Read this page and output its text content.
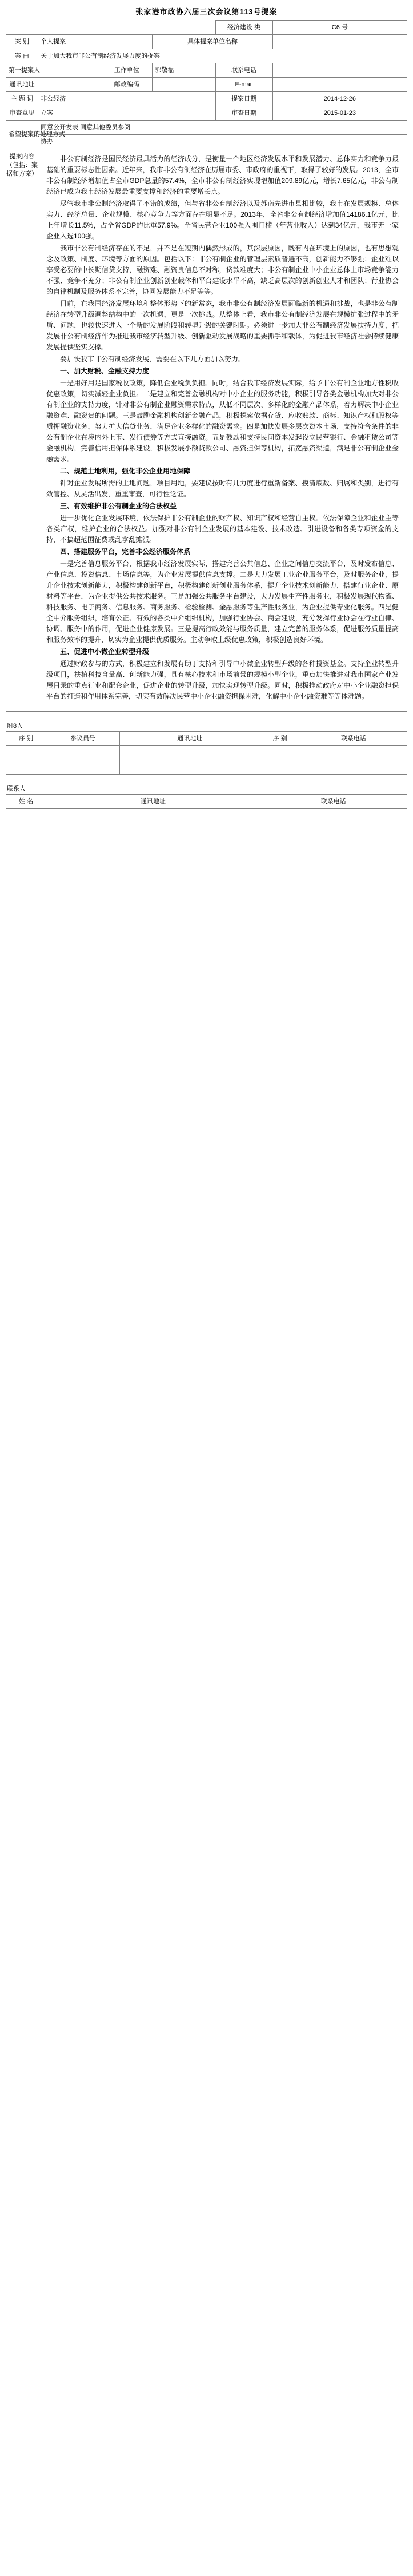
张家港市政协六届三次会议第113号提案
				经济建设 类	C6 号
案 别	个人提案		具体提案单位名称		
案 由	关于加大我市非公有制经济发展力度的提案				
第一提案人		工作单位	郭敬福	联系电话	
通讯地址		邮政编码		E-mail	
主 题 词	非公经济			提案日期	2014-12-26
审查意见	立案			审查日期	2015-01-23
希望提案的处理方式	同意公开发表 同意其他委员参阅				
	协办				

提案内容（包括：案据和方案）

非公有制经济是国民经济最具活力的经济成分，是衡量一个地区经济发展水平和发展潜力、总体实力和竞争力最基础的重要标志性因素。近年来，我市非公有制经济在历届市委、市政府的重视下，取得了较好的发展。2013，全市非公有制经济增加值占全市GDP总量的57.4%，全市非公有制经济实现增加值209.89亿元，增长7.65亿元，非公有制经济已成为我市经济发展最重要支撑和经济的重要增长点。

尽管我市非公制经济取得了不错的成绩，但与省非公有制经济以及苏南先进市县相比较，我市在发展规模、总体实力、经济总量、企业规模、核心竞争力等方面存在明显不足。2013年，全省非公有制经济增加值14186.1亿元，比上年增长11.5%，占全省GDP的比重57.9%。全省民营企业100强入围门槛（年营业收入）达到34亿元，我市无一家企业入选100强。

我市非公有制经济存在的不足，并不是在短期内偶然形成的，其深层原因，既有内在环境上的原因，也有思想观念及政策、制度、环境等方面的原因。包括以下：非公有制企业的管理层素质普遍不高，创新能力不够强；企业难以享受必要的中长期信贷支持，融资难、融资贵信息不对称，贷款难度大；非公有制企业中小企业总体上市场竞争能力不强、竞争不充分；非公有制企业创新创业载体和平台建设水平不高，缺乏高层次的创新创业人才和团队；行业协会的自律机制及服务体系不完善，协同发展能力不足等等。

目前，在我国经济发展环境和整体形势下的新常态，我市非公有制经济发展面临新的机遇和挑战，也是非公有制经济在转型升级调整结构中的一次机遇，更是一次挑战。从整体上看，我市非公有制经济发展在规模扩张过程中的矛盾、问题，也较快速进入一个新的发展阶段和转型升级的关键时期。必须进一步加大非公有制经济发展扶持力度，把发展非公有制经济作为推进我市经济转型升级、创新驱动发展战略的重要抓手和载体，为促进我市经济社会持续健康发展提供坚实支撑。

要加快我市非公有制经济发展，需要在以下几方面加以努力。

一、加大财税、金融支持力度

一是用好用足国家税收政策，降低企业税负负担。同时，结合我市经济发展实际，给予非公有制企业地方性税收优惠政策，切实减轻企业负担。二是建立和完善金融机构对中小企业的服务功能，积极引导各类金融机构加大对非公有制企业的支持力度，针对非公有制企业融资需求特点，从低不同层次、多样化的金融产品体系，着力解决中小企业融资难、融资贵的问题。三是鼓励金融机构创新金融产品，积极探索依据存货、应收账款、商标、知识产权和股权等质押融资业务，努力扩大信贷业务，满足企业多样化的融资需求。四是加快发展多层次资本市场，支持符合条件的非公有制企业在境内外上市、发行债券等方式直接融资。五是鼓励和支持民间资本发起设立民营银行、金融租赁公司等金融机构，完善信用担保体系建设，积极发展小额贷款公司、融资担保等机构，拓宽融资渠道，满足非公有制企业金融需求。

二、规范土地利用，强化非公企业用地保障

针对企业发展所需的土地问题，项目用地，要建议按时有几力度进行重新备案、摸清底数、归属和类别，进行有效管控、从灵活出发，重重审查，可行性论证。

三、有效维护非公有制企业的合法权益

进一步优化企业发展环境，依法保护非公有制企业的财产权、知识产权和经营自主权。依法保障企业和企业主等各类产权，维护企业的合法权益。加强对非公有制企业发展的基本建设、技术改造、引进设备和各类专项资金的支持，不搞超范围征费或乱拿乱摊派。

四、搭建服务平台，完善非公经济服务体系

一是完善信息服务平台，根据我市经济发展实际，搭建完善公共信息、企业之间信息交流平台，及时发布信息、产业信息、投资信息、市场信息等，为企业发展提供信息支撑。二是大力发展工业企业服务平台，及时服务企业，提升企业技术创新能力，积极构建创新平台，积极构建创新创业服务体系，提升企业技术创新能力，搭建行业企业、原材料等平台，为企业提供公共技术服务。三是加强公共服务平台建设，大力发展生产性服务业，积极发展现代物流、科技服务、电子商务、信息服务、商务服务、检验检测、金融服务等生产性服务业，为企业提供专业化服务。四是健全中介服务组织，培育公正、有效的各类中介组织机构，加强行业协会、商会建设，充分发挥行业协会在行业自律、协调、服务中的作用，促进企业健康发展。三是提高行政效能与服务质量，建立完善的服务体系，促进服务质量提高和服务效率的提升，切实为企业提供优质服务。主动争取上级优惠政策，积极创造良好环境。

五、促进中小微企业转型升级

通过财政参与的方式，积极建立和发展有助于支持和引导中小微企业转型升级的各种投资基金。支持企业转型升级项目，扶植科技含量高、创新能力强，具有核心技术和市场前景的规模小型企业，重点加快推进对我市国家产业发展目录的重点行业和配套企业，促进企业的转型升级，加快实现转型升级。同时，积极推动政府对中小企业融资担保平台的打造和作用体系完善，切实有效解决民营中小企业融资担保困难，化解中小企业融资难等等体难题。

附8人
序 别	参议员号	通讯地址	序 别	联系电话

联系人
姓 名	通讯地址	联系电话
